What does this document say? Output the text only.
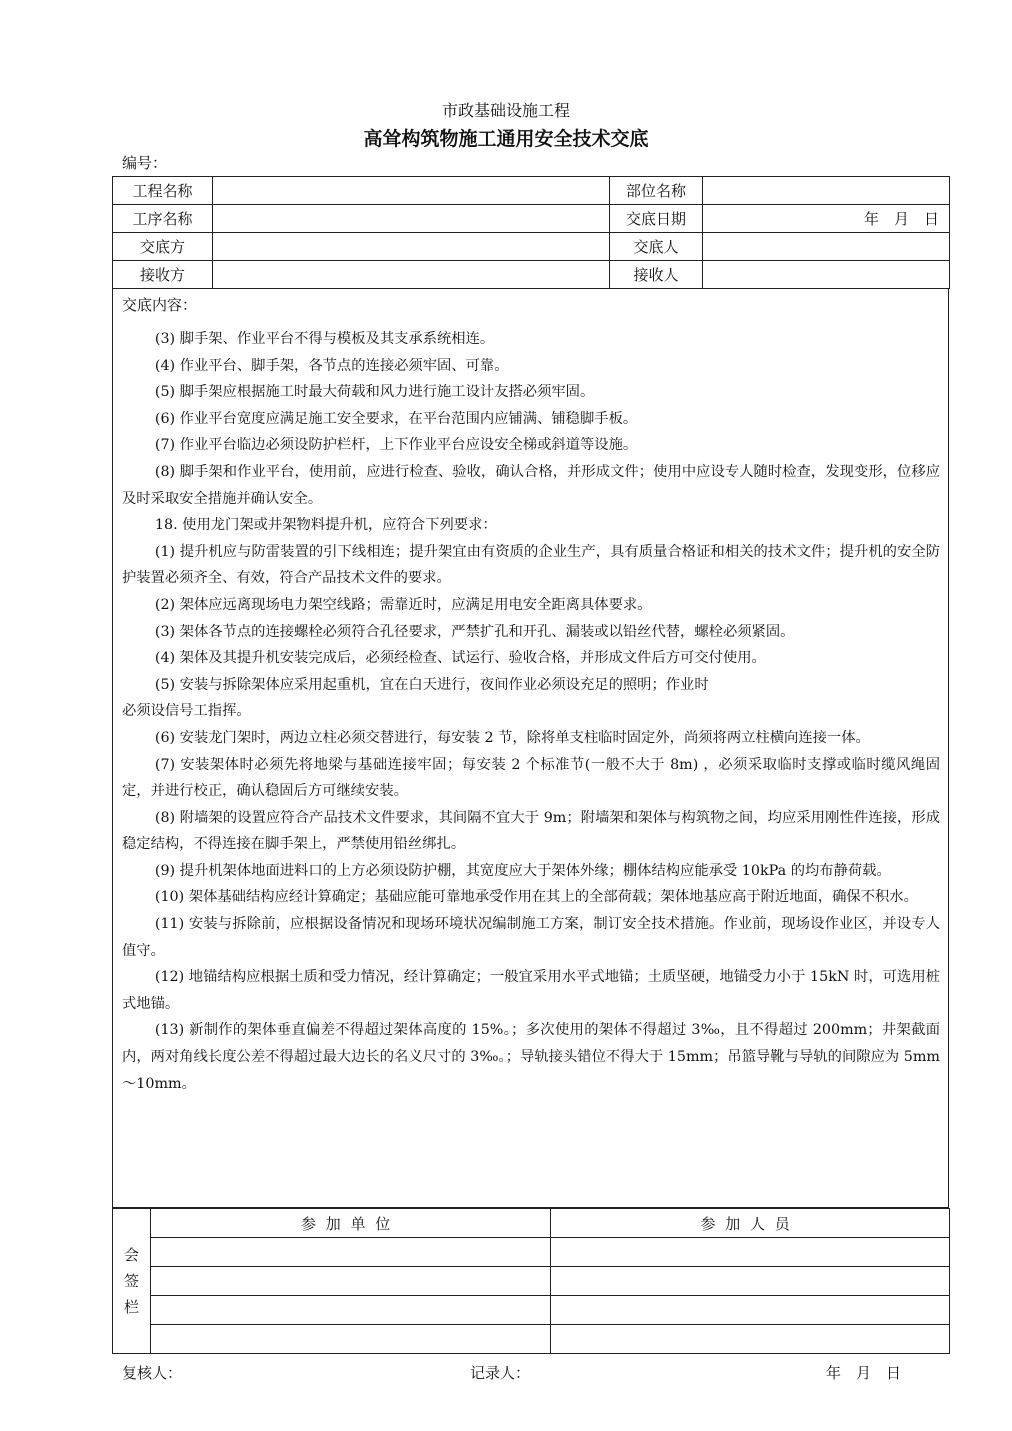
市政基础设施工程
高耸构筑物施工通用安全技术交底
编号：
工程名称		部位名称	
工序名称		交底日期	年　月　日
交底方		交底人	
接收方		接收人	
交底内容：

(3) 脚手架、作业平台不得与模板及其支承系统相连。

(4) 作业平台、脚手架，各节点的连接必须牢固、可靠。

(5) 脚手架应根据施工时最大荷载和风力进行施工设计友搭必须牢固。

(6) 作业平台宽度应满足施工安全要求，在平台范围内应铺满、铺稳脚手板。

(7) 作业平台临边必须设防护栏杆，上下作业平台应设安全梯或斜道等设施。

(8) 脚手架和作业平台，使用前，应进行检查、验收，确认合格，并形成文件；使用中应设专人随时检查，发现变形，位移应及时采取安全措施并确认安全。

18. 使用龙门架或井架物料提升机，应符合下列要求：

(1) 提升机应与防雷装置的引下线相连；提升架宜由有资质的企业生产，具有质量合格证和相关的技术文件；提升机的安全防护装置必须齐全、有效，符合产品技术文件的要求。

(2) 架体应远离现场电力架空线路；需靠近时，应满足用电安全距离具体要求。

(3) 架体各节点的连接螺栓必须符合孔径要求，严禁扩孔和开孔、漏装或以铅丝代替，螺栓必须紧固。

(4) 架体及其提升机安装完成后，必须经检查、试运行、验收合格，并形成文件后方可交付使用。

(5) 安装与拆除架体应采用起重机，宜在白天进行，夜间作业必须设充足的照明；作业时

必须设信号工指挥。

(6) 安装龙门架时，两边立柱必须交替进行，每安装 2 节，除将单支柱临时固定外，尚须将两立柱横向连接一体。

(7) 安装架体时必须先将地梁与基础连接牢固；每安装 2 个标准节(一般不大于 8m) ，必须采取临时支撑或临时缆风绳固定，并进行校正，确认稳固后方可继续安装。

(8) 附墙架的设置应符合产品技术文件要求，其间隔不宜大于 9m；附墙架和架体与构筑物之间，均应采用刚性件连接，形成稳定结构，不得连接在脚手架上，严禁使用铅丝绑扎。

(9) 提升机架体地面进料口的上方必须设防护棚，其宽度应大于架体外缘；棚体结构应能承受 10kPa 的均布静荷载。

(10) 架体基础结构应经计算确定；基础应能可靠地承受作用在其上的全部荷载；架体地基应高于附近地面，确保不积水。

(11) 安装与拆除前，应根据设备情况和现场环境状况编制施工方案，制订安全技术措施。作业前，现场设作业区，并设专人值守。

(12) 地锚结构应根据土质和受力情况，经计算确定；一般宜采用水平式地锚；土质坚硬，地锚受力小于 15kN 时，可选用桩式地锚。

(13) 新制作的架体垂直偏差不得超过架体高度的 15%。；多次使用的架体不得超过 3‰，且不得超过 200mm；井架截面内，两对角线长度公差不得超过最大边长的名义尺寸的 3‰。；导轨接头错位不得大于 15mm；吊篮导靴与导轨的间隙应为 5mm～10mm。

会
签
栏	参加单位	参加人员

复核人：	记录人：	年　月　日
